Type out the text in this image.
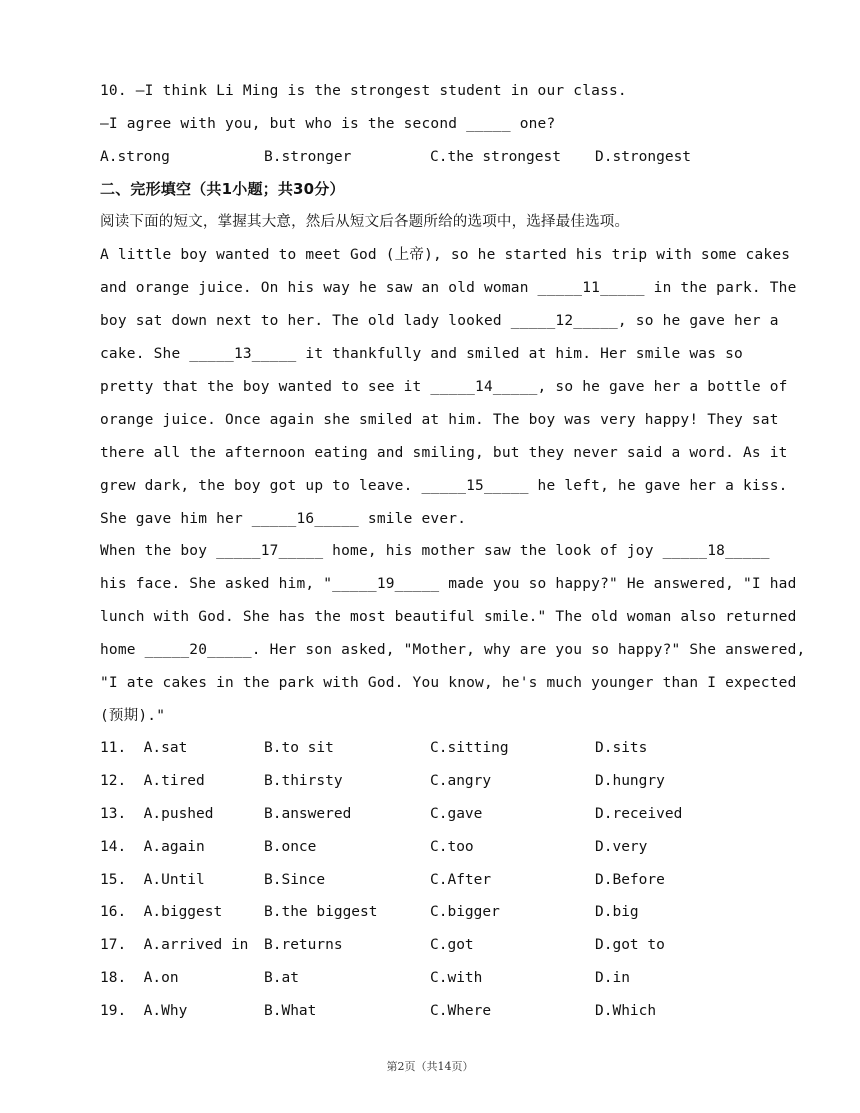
10. —I think Li Ming is the strongest student in our class.
—I agree with you, but who is the second _____ one?
A.strong	B.stronger	C.the strongest D.strongest
二、完形填空（共1小题；共30分）
阅读下面的短文，掌握其大意，然后从短文后各题所给的选项中，选择最佳选项。
A little boy wanted to meet God (上帝), so he started his trip with some cakes
and orange juice. On his way he saw an old woman _____11_____ in the park. The
boy sat down next to her. The old lady looked _____12_____, so he gave her a
cake. She _____13_____ it thankfully and smiled at him. Her smile was so
pretty that the boy wanted to see it _____14_____, so he gave her a bottle of
orange juice. Once again she smiled at him. The boy was very happy! They sat
there all the afternoon eating and smiling, but they never said a word. As it
grew dark, the boy got up to leave. _____15_____ he left, he gave her a kiss.
She gave him her _____16_____ smile ever.
When the boy _____17_____ home, his mother saw the look of joy _____18_____
his face. She asked him, "_____19_____ made you so happy?" He answered, "I had
lunch with God. She has the most beautiful smile." The old woman also returned
home _____20_____. Her son asked, "Mother, why are you so happy?" She answered,
"I ate cakes in the park with God. You know, he's much younger than I expected
(预期)."
11.  A.sat	B.to sit	C.sitting	D.sits
12.  A.tired	B.thirsty	C.angry	D.hungry
13.  A.pushed	B.answered	C.gave	D.received
14.  A.again	B.once	C.too	D.very
15.  A.Until	B.Since	C.After	D.Before
16.  A.biggest	B.the biggest	C.bigger	D.big
17.  A.arrived in B.returns	C.got	D.got to
18.  A.on	B.at	C.with	D.in
19.  A.Why	B.What	C.Where	D.Which
第2页（共14页）
